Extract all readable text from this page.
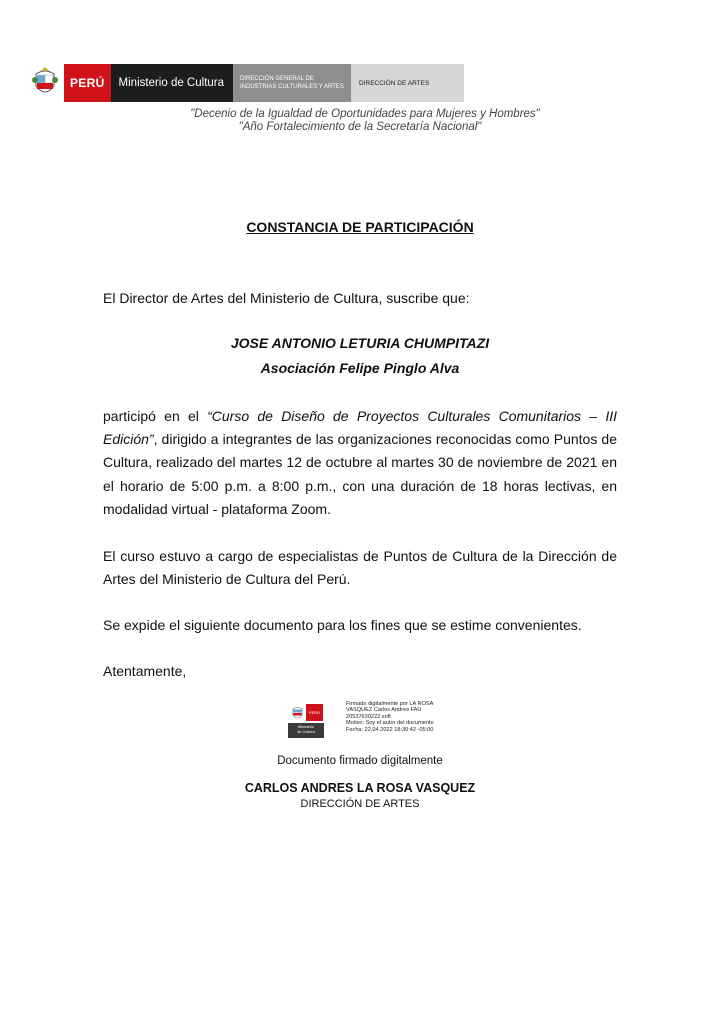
PERÚ	Ministerio de Cultura	DIRECCIÓN GENERAL DE
INDUSTRIAS CULTURALES Y ARTES
DIRECCIÓN DE ARTES
"Decenio de la Igualdad de Oportunidades para Mujeres y Hombres"
"Año Fortalecimiento de la Secretaría Nacional"
CONSTANCIA DE PARTICIPACIÓN
El Director de Artes del Ministerio de Cultura, suscribe que:
JOSE ANTONIO LETURIA CHUMPITAZI
Asociación Felipe Pinglo Alva
participó en el “Curso de Diseño de Proyectos Culturales Comunitarios – III Edición”, dirigido a integrantes de las organizaciones reconocidas como Puntos de Cultura, realizado del martes 12 de octubre al martes 30 de noviembre de 2021 en el horario de 5:00 p.m. a 8:00 p.m., con una duración de 18 horas lectivas, en modalidad virtual - plataforma Zoom.
El curso estuvo a cargo de especialistas de Puntos de Cultura de la Dirección de Artes del Ministerio de Cultura del Perú.
Se expide el siguiente documento para los fines que se estime convenientes.
Atentamente,
PERÚ
Ministerio
de Cultura
Firmado digitalmente por LA ROSA
VASQUEZ Carlos Andres FAU
20537630222 soft
Motivo: Soy el autor del documento
Fecha: 22.04.2022 18:30:42 -05:00
Documento firmado digitalmente
CARLOS ANDRES LA ROSA VASQUEZ
DIRECCIÓN DE ARTES
